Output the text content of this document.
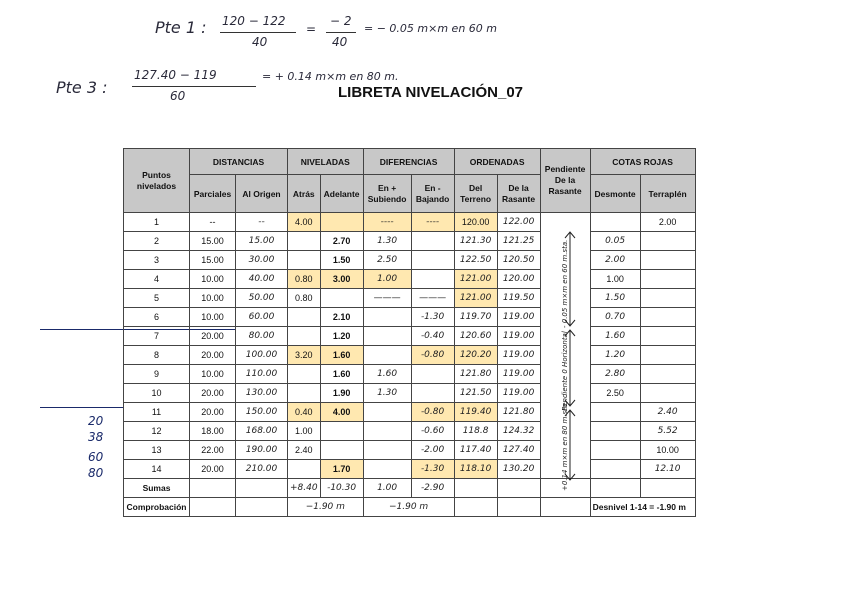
Pte 1 : 120 − 122
40
=
− 2
40
= − 0.05 m×m en 60 m
Pte 3 :
127.40 − 119
60
= + 0.14 m×m en 80 m.
LIBRETA NIVELACIÓN_07
20
38
60
80
Puntos nivelados	DISTANCIAS		NIVELADAS		DIFERENCIAS		ORDENADAS		Pendiente De la Rasante	COTAS ROJAS	
	Parciales	Al Origen	Atrás	Adelante	En + Subiendo	En - Bajando	Del Terreno	De la Rasante		Desmonte	Terraplén
1	--	--	4.00		----	----	120.00	122.00			2.00
2	15.00	15.00		2.70	1.30		121.30	121.25		0.05	
3	15.00	30.00		1.50	2.50		122.50	120.50		2.00	
4	10.00	40.00	0.80	3.00	1.00		121.00	120.00		1.00	
5	10.00	50.00	0.80		———	———	121.00	119.50		1.50	
6	10.00	60.00		2.10		-1.30	119.70	119.00		0.70	
7	20.00	80.00		1.20		-0.40	120.60	119.00		1.60	
8	20.00	100.00	3.20	1.60		-0.80	120.20	119.00		1.20	
9	10.00	110.00		1.60	1.60		121.80	119.00		2.80	
10	20.00	130.00		1.90	1.30		121.50	119.00		2.50	
11	20.00	150.00	0.40	4.00		-0.80	119.40	121.80			2.40
12	18.00	168.00	1.00			-0.60	118.8	124.32			5.52
13	22.00	190.00	2.40			-2.00	117.40	127.40			10.00
14	20.00	210.00		1.70		-1.30	118.10	130.20			12.10
Sumas			+8.40	-10.30	1.00	-2.90					
Comprobación			−1.90 m		−1.90 m					Desnivel 1-14 = -1.90 m	
- 0.05 m×m en 60 m.sta.
Pendiente 0 Horizontal
+0.14 m×m en 80 m.sta.
